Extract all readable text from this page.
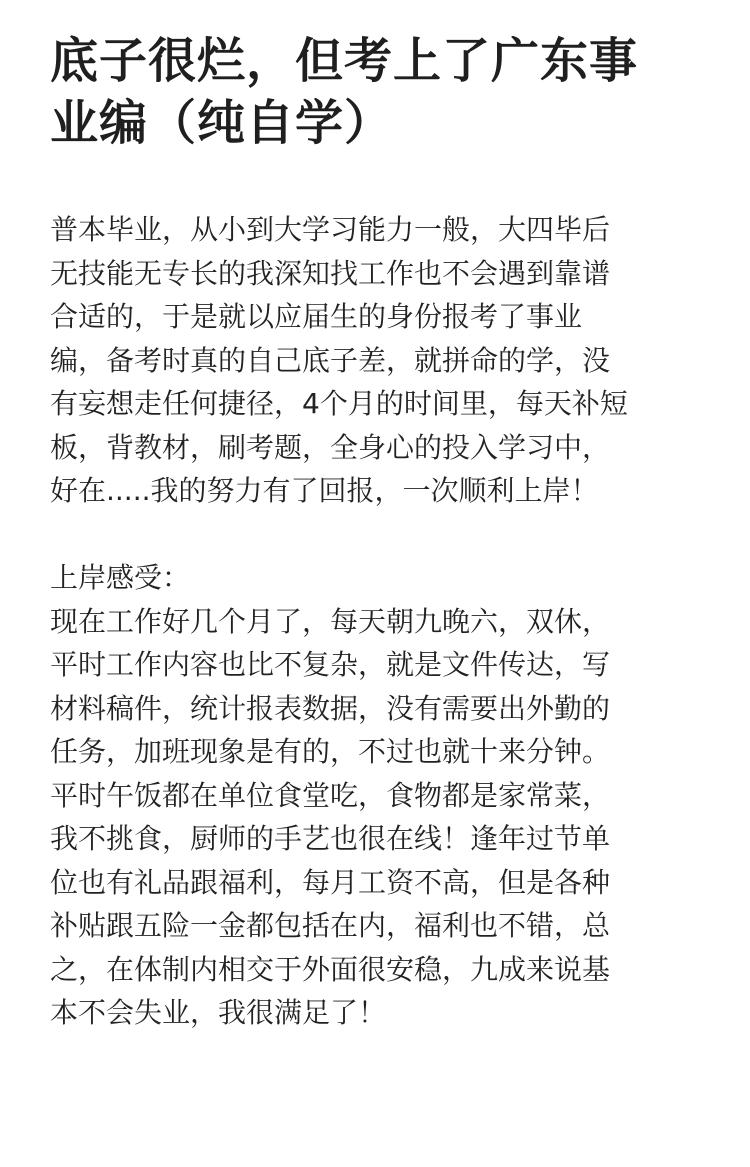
底子很烂，但考上了广东事
业编（纯自学）
普本毕业，从小到大学习能力一般，大四毕后
无技能无专长的我深知找工作也不会遇到靠谱
合适的，于是就以应届生的身份报考了事业
编，备考时真的自己底子差，就拼命的学，没
有妄想走任何捷径，4个月的时间里，每天补短
板，背教材，刷考题，全身心的投入学习中，
好在.....我的努力有了回报，一次顺利上岸！
上岸感受：
现在工作好几个月了，每天朝九晚六，双休，
平时工作内容也比不复杂，就是文件传达，写
材料稿件，统计报表数据，没有需要出外勤的
任务，加班现象是有的，不过也就十来分钟。
平时午饭都在单位食堂吃，食物都是家常菜，
我不挑食，厨师的手艺也很在线！逢年过节单
位也有礼品跟福利，每月工资不高，但是各种
补贴跟五险一金都包括在内，福利也不错，总
之，在体制内相交于外面很安稳，九成来说基
本不会失业，我很满足了！
